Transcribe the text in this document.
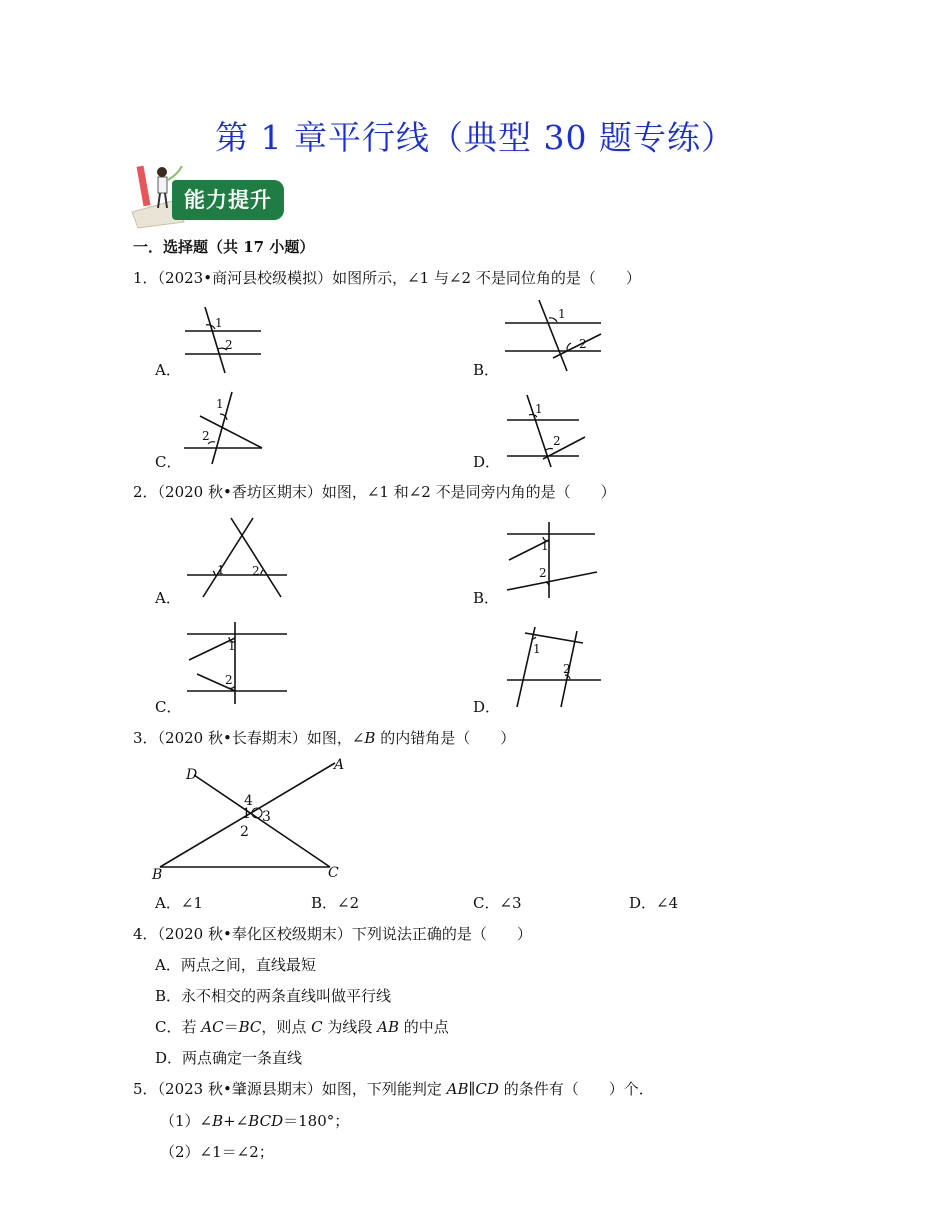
第 1 章平行线（典型 30 题专练）
能力提升
一．选择题（共 17 小题）
1．（2023•商河县校级模拟）如图所示，∠1 与∠2 不是同位角的是（　　）
1
2
A．
1
2
B．
1
2
C．
1
2
D．
2．（2020 秋•香坊区期末）如图，∠1 和∠2 不是同旁内角的是（　　）
1 2
A．
1
2
B．
1
2
C．
1
2
D．
3．（2020 秋•长春期末）如图，∠B 的内错角是（　　）
D
A
B	C
1
2
3
4
A．∠1	B．∠2	C．∠3	D．∠4
4．（2020 秋•奉化区校级期末）下列说法正确的是（　　）
A．两点之间，直线最短
B．永不相交的两条直线叫做平行线
C．若 AC＝BC，则点 C 为线段 AB 的中点
D．两点确定一条直线
5．（2023 秋•肇源县期末）如图，下列能判定 AB∥CD 的条件有（　　）个．
（1）∠B+∠BCD＝180°；
（2）∠1＝∠2；
